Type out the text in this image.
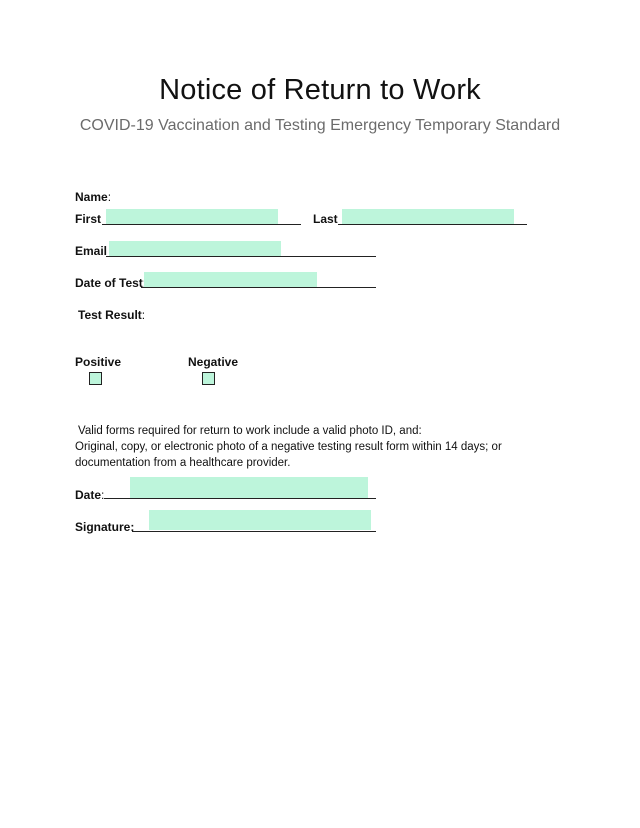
Notice of Return to Work
COVID-19 Vaccination and Testing Emergency Temporary Standard
Name:
First	Last
Email
Date of Test
Test Result:
Positive	Negative
Valid forms required for return to work include a valid photo ID, and:
Original, copy, or electronic photo of a negative testing result form within 14 days; or
documentation from a healthcare provider.
Date:
Signature:
